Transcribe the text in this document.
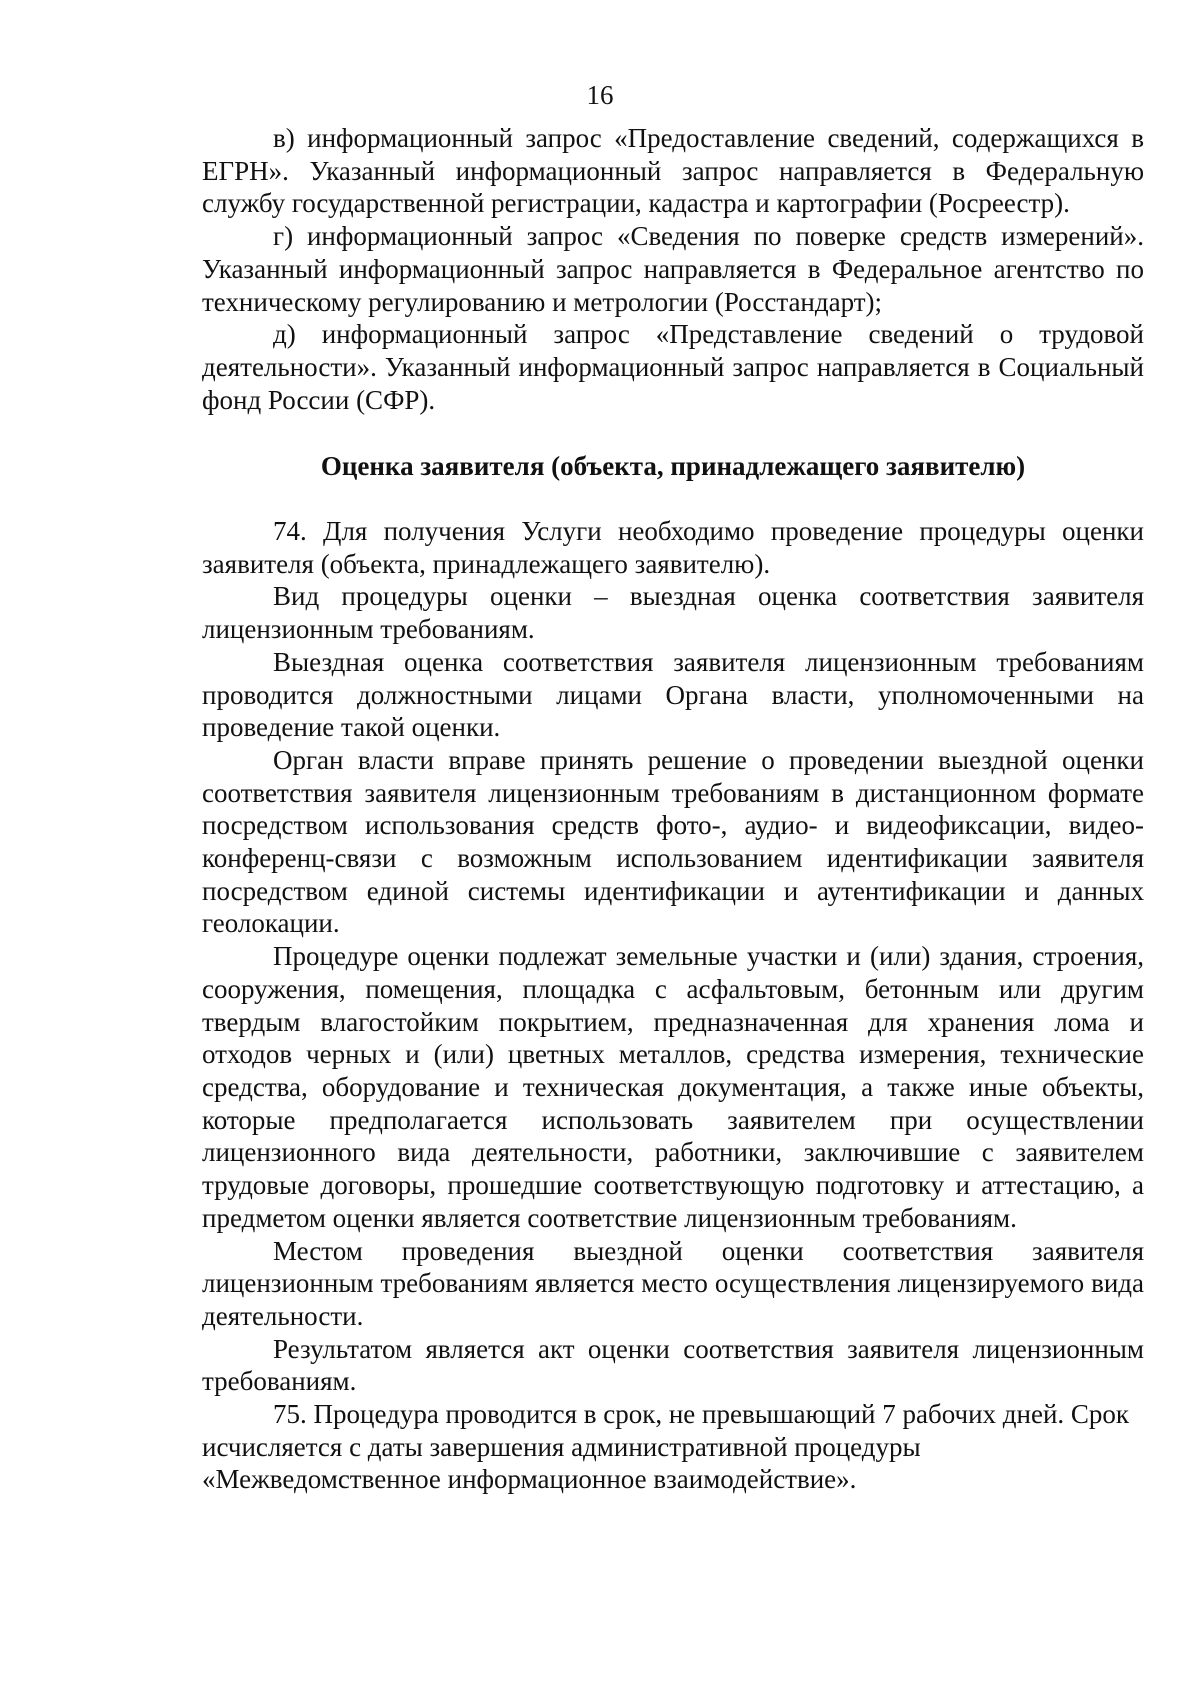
16

в) информационный запрос «Предоставление сведений, содержащихся в ЕГРН». Указанный информационный запрос направляется в Федеральную службу государственной регистрации, кадастра и картографии (Росреестр).

г) информационный запрос «Сведения по поверке средств измерений». Указанный информационный запрос направляется в Федеральное агентство по техническому регулированию и метрологии (Росстандарт);

д) информационный запрос «Представление сведений о трудовой деятельности». Указанный информационный запрос направляется в Социальный фонд России (СФР).

Оценка заявителя (объекта, принадлежащего заявителю)

74. Для получения Услуги необходимо проведение процедуры оценки заявителя (объекта, принадлежащего заявителю).

Вид процедуры оценки – выездная оценка соответствия заявителя лицензионным требованиям.

Выездная оценка соответствия заявителя лицензионным требованиям проводится должностными лицами Органа власти, уполномоченными на проведение такой оценки.

Орган власти вправе принять решение о проведении выездной оценки соответствия заявителя лицензионным требованиям в дистанционном формате посредством использования средств фото-, аудио- и видеофиксации, видео-конференц-связи с возможным использованием идентификации заявителя посредством единой системы идентификации и аутентификации и данных геолокации.

Процедуре оценки подлежат земельные участки и (или) здания, строения, сооружения, помещения, площадка с асфальтовым, бетонным или другим твердым влагостойким покрытием, предназначенная для хранения лома и отходов черных и (или) цветных металлов, средства измерения, технические средства, оборудование и техническая документация, а также иные объекты, которые предполагается использовать заявителем при осуществлении лицензионного вида деятельности, работники, заключившие с заявителем трудовые договоры, прошедшие соответствующую подготовку и аттестацию, а предметом оценки является соответствие лицензионным требованиям.

Местом проведения выездной оценки соответствия заявителя лицензионным требованиям является место осуществления лицензируемого вида деятельности.

Результатом является акт оценки соответствия заявителя лицензионным требованиям.

75. Процедура проводится в срок, не превышающий 7 рабочих дней. Срок исчисляется с даты завершения административной процедуры «Межведомственное информационное взаимодействие».
